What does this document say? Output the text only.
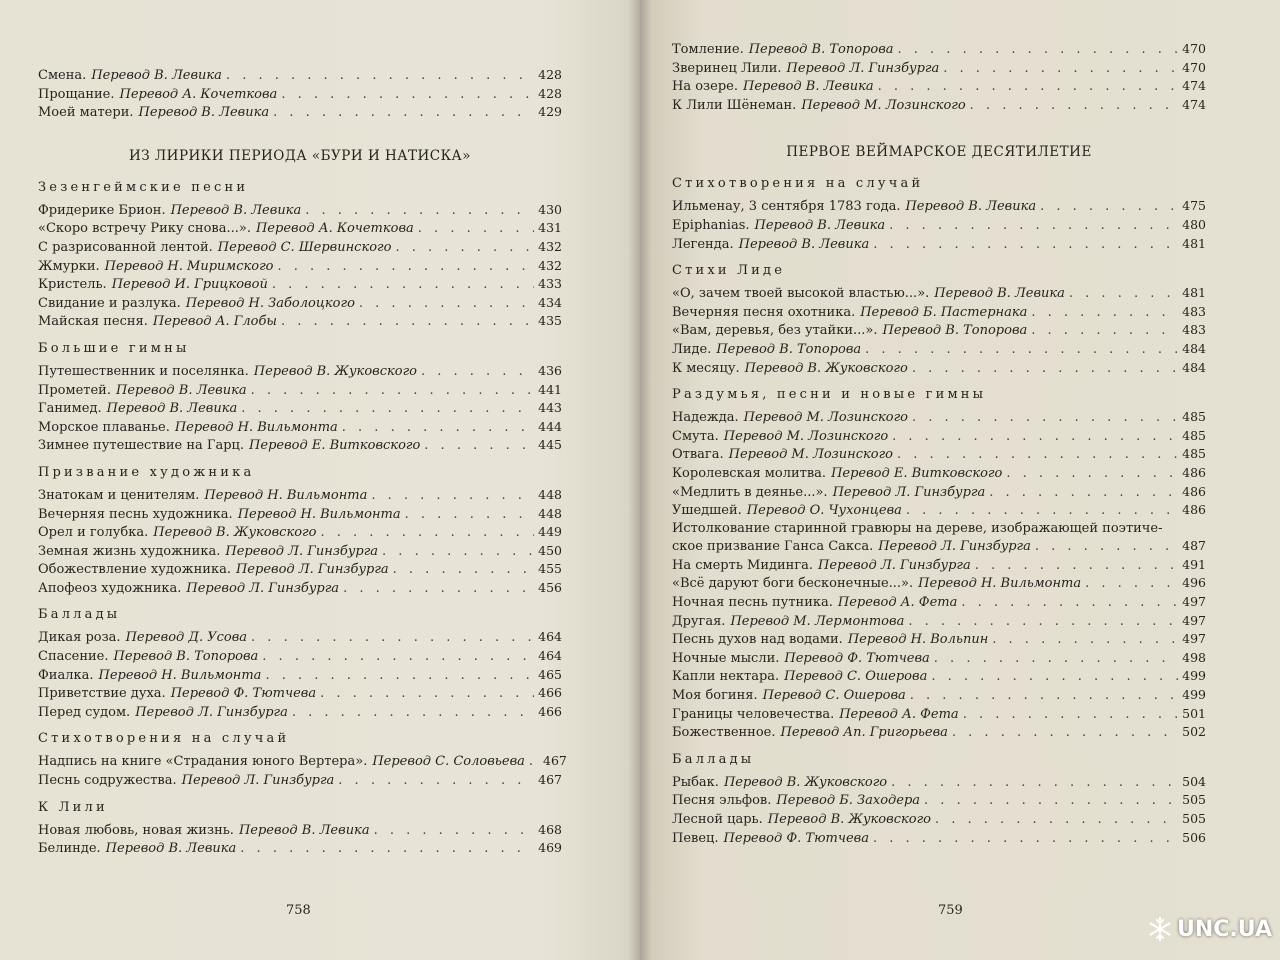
Смена. Перевод В. Левика . . .	428
Прощание. Перевод А. Кочеткова . . .	428
Моей матери. Перевод В. Левика . . .	429
ИЗ ЛИРИКИ ПЕРИОДА «БУРИ И НАТИСКА»
Зезенгеймские песни
Фридерике Брион. Перевод В. Левика . . .	430
«Скоро встречу Рику снова...». Перевод А. Кочеткова . . .	431
С разрисованной лентой. Перевод С. Шервинского . . .	432
Жмурки. Перевод Н. Миримского . . .	432
Кристель. Перевод И. Грицковой . . .	433
Свидание и разлука. Перевод Н. Заболоцкого . . .	434
Майская песня. Перевод А. Глобы . . .	435
Большие гимны
Путешественник и поселянка. Перевод В. Жуковского . . .	436
Прометей. Перевод В. Левика . . .	441
Ганимед. Перевод В. Левика . . .	443
Морское плаванье. Перевод Н. Вильмонта . . .	444
Зимнее путешествие на Гарц. Перевод Е. Витковского . . .	445
Призвание художника
Знатокам и ценителям. Перевод Н. Вильмонта . . .	448
Вечерняя песнь художника. Перевод Н. Вильмонта . . .	448
Орел и голубка. Перевод В. Жуковского . . .	449
Земная жизнь художника. Перевод Л. Гинзбурга . . .	450
Обожествление художника. Перевод Л. Гинзбурга . . .	455
Апофеоз художника. Перевод Л. Гинзбурга . . .	456
Баллады
Дикая роза. Перевод Д. Усова . . .	464
Спасение. Перевод В. Топорова . . .	464
Фиалка. Перевод Н. Вильмонта . . .	465
Приветствие духа. Перевод Ф. Тютчева . . .	466
Перед судом. Перевод Л. Гинзбурга . . .	466
Стихотворения на случай
Надпись на книге «Страдания юного Вертера». Перевод С. Соловьева . . . 467
Песнь содружества. Перевод Л. Гинзбурга . . .	467
К Лили
Новая любовь, новая жизнь. Перевод В. Левика . . .	468
Белинде. Перевод В. Левика . . .	469
758
Томление. Перевод В. Топорова . . .	470
Зверинец Лили. Перевод Л. Гинзбурга . . .	470
На озере. Перевод В. Левика . . .	474
К Лили Шёнеман. Перевод М. Лозинского . . .	474
ПЕРВОЕ ВЕЙМАРСКОЕ ДЕСЯТИЛЕТИЕ
Стихотворения на случай
Ильменау, 3 сентября 1783 года. Перевод В. Левика . . .	475
Epiphanias. Перевод В. Левика . . .	480
Легенда. Перевод В. Левика . . .	481
Стихи Лиде
«О, зачем твоей высокой властью...». Перевод В. Левика . . .	481
Вечерняя песня охотника. Перевод Б. Пастернака . . .	483
«Вам, деревья, без утайки...». Перевод В. Топорова . . .	483
Лиде. Перевод В. Топорова . . .	484
К месяцу. Перевод В. Жуковского . . .	484
Раздумья, песни и новые гимны
Надежда. Перевод М. Лозинского . . .	485
Смута. Перевод М. Лозинского . . .	485
Отвага. Перевод М. Лозинского . . .	485
Королевская молитва. Перевод Е. Витковского . . .	486
«Медлить в деянье...». Перевод Л. Гинзбурга . . .	486
Ушедшей. Перевод О. Чухонцева . . .	486
Истолкование старинной гравюры на дереве, изображающей поэтиче-
ское призвание Ганса Сакса. Перевод Л. Гинзбурга . . .	487
На смерть Мидинга. Перевод Л. Гинзбурга . . .	491
«Всё даруют боги бесконечные...». Перевод Н. Вильмонта . . .	496
Ночная песнь путника. Перевод А. Фета . . .	497
Другая. Перевод М. Лермонтова . . .	497
Песнь духов над водами. Перевод Н. Вольпин . . .	497
Ночные мысли. Перевод Ф. Тютчева . . .	498
Капли нектара. Перевод С. Ошерова . . .	499
Моя богиня. Перевод С. Ошерова . . .	499
Границы человечества. Перевод А. Фета . . .	501
Божественное. Перевод Ап. Григорьева . . .	502
Баллады
Рыбак. Перевод В. Жуковского . . .	504
Песня эльфов. Перевод Б. Заходера . . .	505
Лесной царь. Перевод В. Жуковского . . .	505
Певец. Перевод Ф. Тютчева . . .	506
759
UNC.UA
